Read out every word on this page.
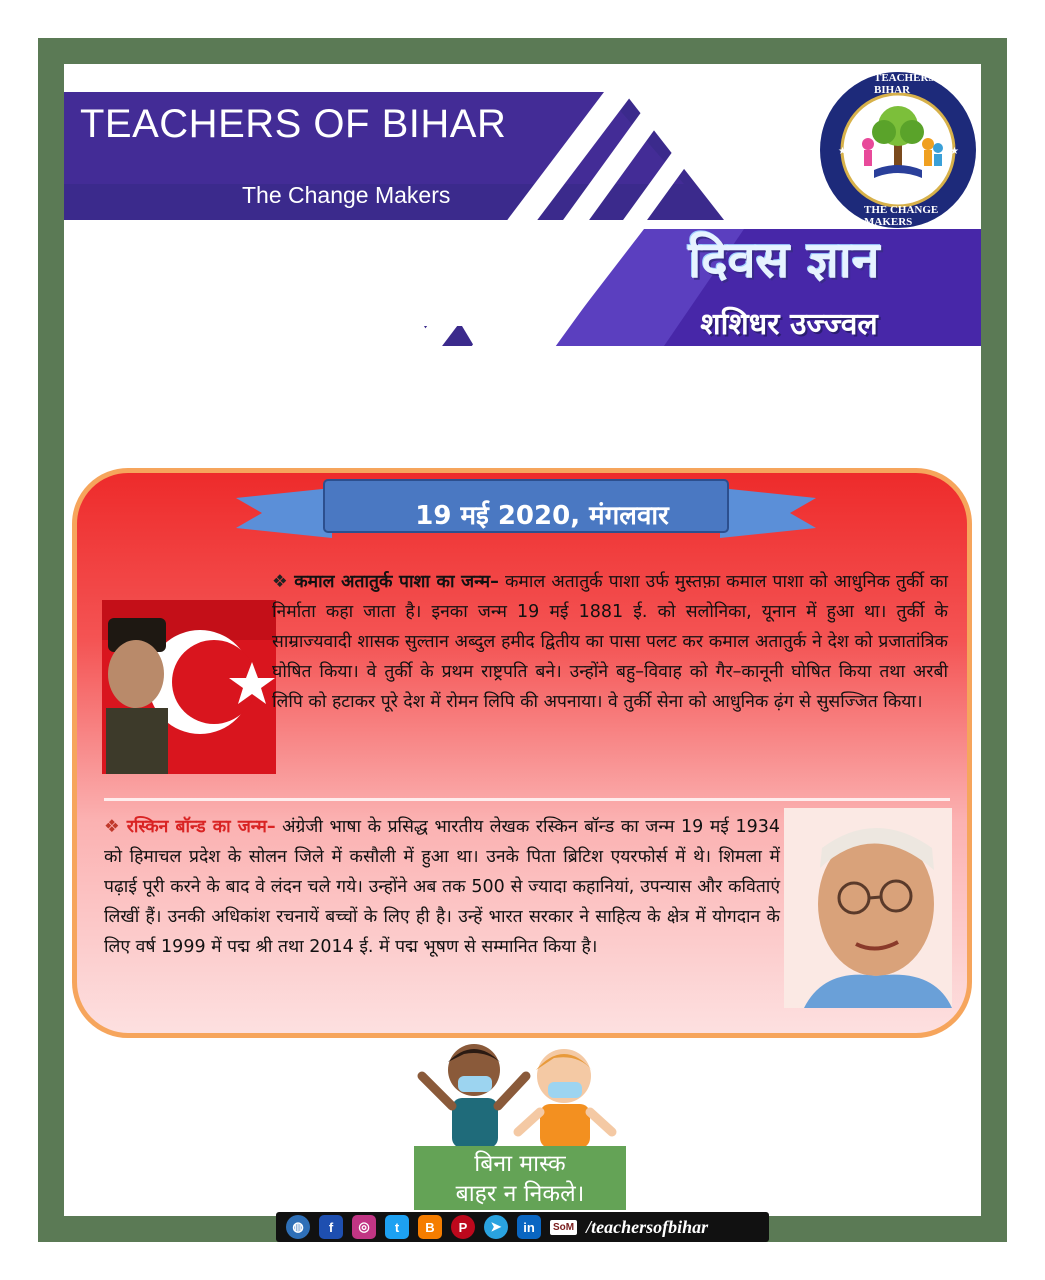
TEACHERS OF BIHAR
The Change Makers
★	★
TEACHERS OF BIHAR
THE CHANGE MAKERS
दिवस ज्ञान
शशिधर उज्ज्वल
19 मई 2020, मंगलवार
❖ कमाल अतातुर्क पाशा का जन्म– कमाल अतातुर्क पाशा उर्फ मुस्तफ़ा कमाल पाशा को आधुनिक तुर्की का निर्माता कहा जाता है। इनका जन्म 19 मई 1881 ई. को सलोनिका, यूनान में हुआ था। तुर्की के साम्राज्यवादी शासक सुल्तान अब्दुल हमीद द्वितीय का पासा पलट कर कमाल अतातुर्क ने देश को प्रजातांत्रिक घोषित किया। वे तुर्की के प्रथम राष्ट्रपति बने। उन्होंने बहु–विवाह को गैर–कानूनी घोषित किया तथा अरबी लिपि को हटाकर पूरे देश में रोमन लिपि की अपनाया। वे तुर्की सेना को आधुनिक ढ़ंग से सुसज्जित किया।
❖ रस्किन बॉन्ड का जन्म– अंग्रेजी भाषा के प्रसिद्ध भारतीय लेखक रस्किन बॉन्ड का जन्म 19 मई 1934 को हिमाचल प्रदेश के सोलन जिले में कसौली में हुआ था। उनके पिता ब्रिटिश एयरफोर्स में थे। शिमला में पढ़ाई पूरी करने के बाद वे लंदन चले गये। उन्होंने अब तक 500 से ज्यादा कहानियां, उपन्यास और कविताएं लिखीं हैं। उनकी अधिकांश रचनायें बच्चों के लिए ही है। उन्हें भारत सरकार ने साहित्य के क्षेत्र में योगदान के लिए वर्ष 1999 में पद्म श्री तथा 2014 ई. में पद्म भूषण से सम्मानित किया है।
बिना मास्क
बाहर न निकले।
◍	f	◎	t	B	P	➤	in	SoM /teachersofbihar
